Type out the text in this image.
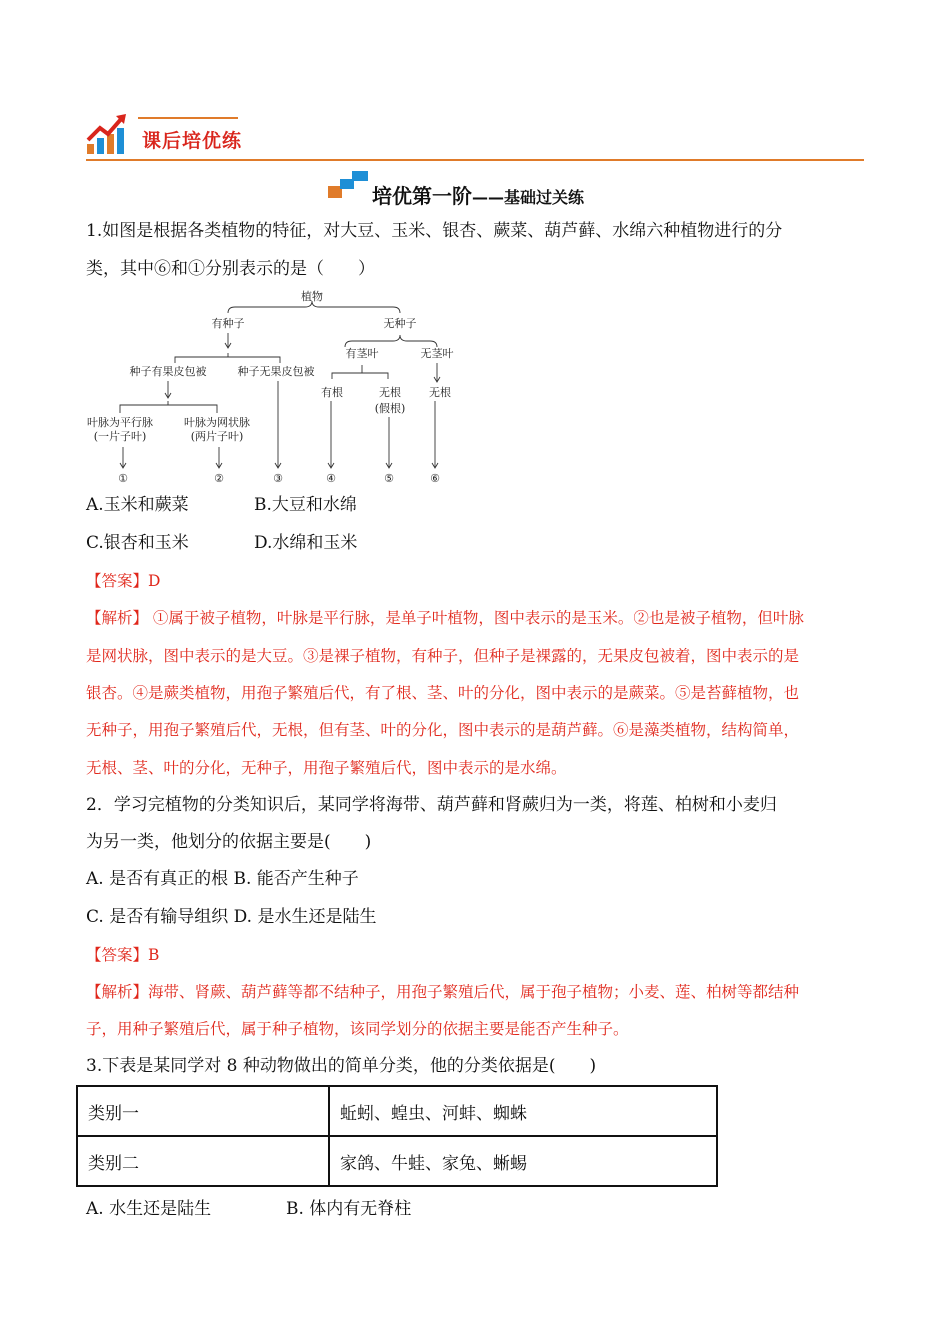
课后培优练
培优第一阶——基础过关练
1.如图是根据各类植物的特征，对大豆、玉米、银杏、蕨菜、葫芦藓、水绵六种植物进行的分
类，其中⑥和①分别表示的是（　　）
植物
有种子	无种子
有茎叶	无茎叶
种子有果皮包被	种子无果皮包被
有根	无根
(假根)
无根
叶脉为平行脉
(一片子叶)
叶脉为网状脉
(两片子叶)
①	②	③	④	⑤	⑥
A.玉米和蕨菜	B.大豆和水绵
C.银杏和玉米	D.水绵和玉米
【答案】D
【解析】 ①属于被子植物，叶脉是平行脉，是单子叶植物，图中表示的是玉米。②也是被子植物，但叶脉
是网状脉，图中表示的是大豆。③是裸子植物，有种子，但种子是裸露的，无果皮包被着，图中表示的是
银杏。④是蕨类植物，用孢子繁殖后代，有了根、茎、叶的分化，图中表示的是蕨菜。⑤是苔藓植物，也
无种子，用孢子繁殖后代，无根，但有茎、叶的分化，图中表示的是葫芦藓。⑥是藻类植物，结构简单，
无根、茎、叶的分化，无种子，用孢子繁殖后代，图中表示的是水绵。
2．学习完植物的分类知识后，某同学将海带、葫芦藓和肾蕨归为一类，将莲、柏树和小麦归
为另一类，他划分的依据主要是(　　)
A. 是否有真正的根 B. 能否产生种子
C. 是否有输导组织 D. 是水生还是陆生
【答案】B
【解析】海带、肾蕨、葫芦藓等都不结种子，用孢子繁殖后代，属于孢子植物；小麦、莲、柏树等都结种
子，用种子繁殖后代，属于种子植物，该同学划分的依据主要是能否产生种子。
3.下表是某同学对 8 种动物做出的简单分类，他的分类依据是(　　)
类别一	蚯蚓、蝗虫、河蚌、蜘蛛
类别二	家鸽、牛蛙、家兔、蜥蜴
A. 水生还是陆生	B. 体内有无脊柱
